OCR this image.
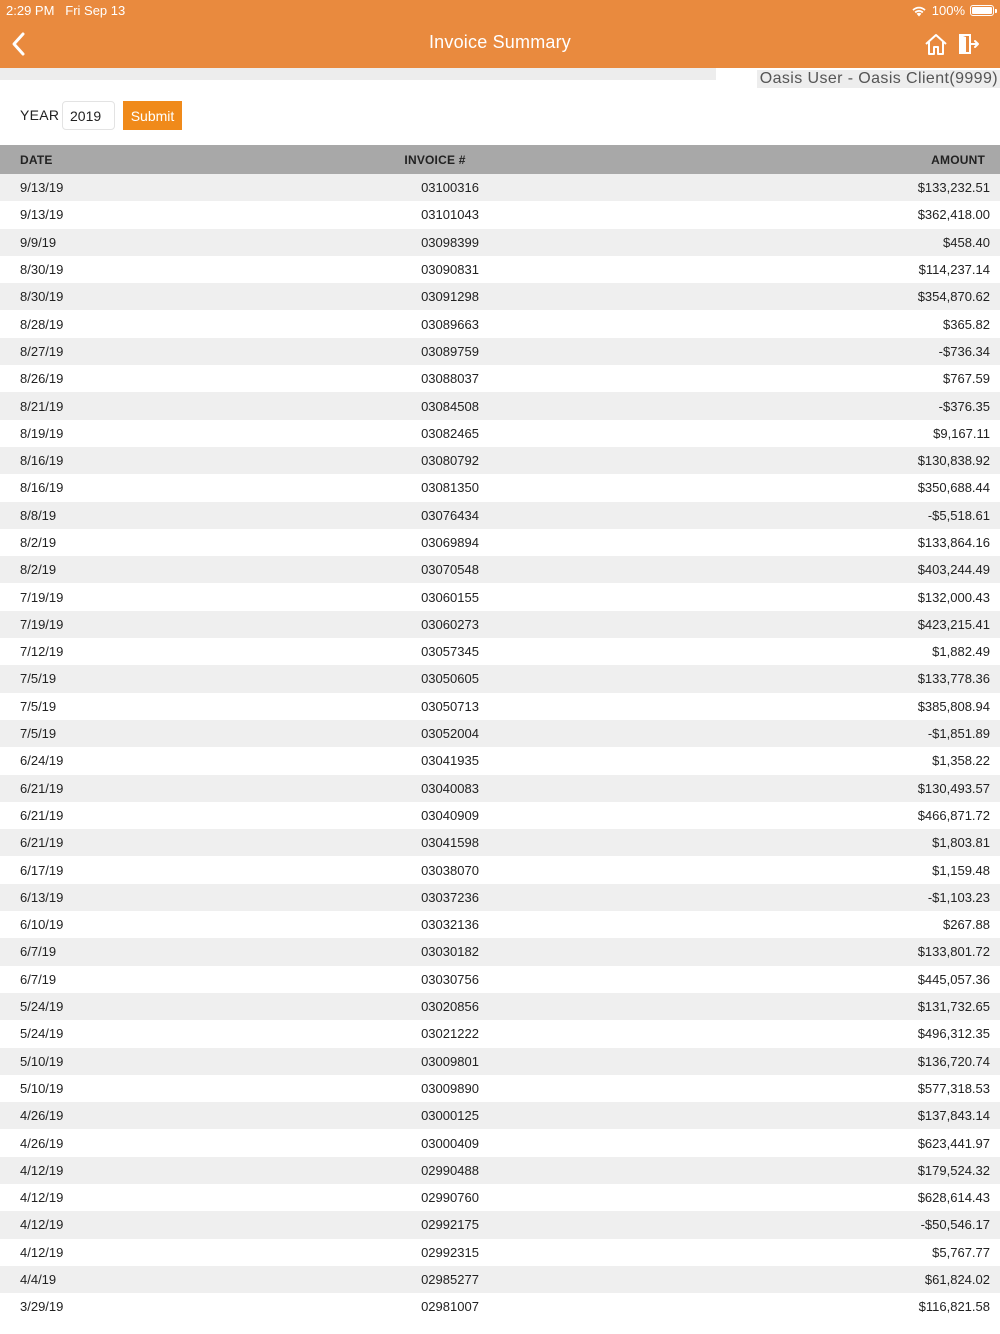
2:29 PM Fri Sep 13	100%
Invoice Summary
Oasis User - Oasis Client(9999)
YEAR
2019	Submit
DATE	INVOICE #	AMOUNT
9/13/19	03100316	$133,232.51
9/13/19	03101043	$362,418.00
9/9/19	03098399	$458.40
8/30/19	03090831	$114,237.14
8/30/19	03091298	$354,870.62
8/28/19	03089663	$365.82
8/27/19	03089759	-$736.34
8/26/19	03088037	$767.59
8/21/19	03084508	-$376.35
8/19/19	03082465	$9,167.11
8/16/19	03080792	$130,838.92
8/16/19	03081350	$350,688.44
8/8/19	03076434	-$5,518.61
8/2/19	03069894	$133,864.16
8/2/19	03070548	$403,244.49
7/19/19	03060155	$132,000.43
7/19/19	03060273	$423,215.41
7/12/19	03057345	$1,882.49
7/5/19	03050605	$133,778.36
7/5/19	03050713	$385,808.94
7/5/19	03052004	-$1,851.89
6/24/19	03041935	$1,358.22
6/21/19	03040083	$130,493.57
6/21/19	03040909	$466,871.72
6/21/19	03041598	$1,803.81
6/17/19	03038070	$1,159.48
6/13/19	03037236	-$1,103.23
6/10/19	03032136	$267.88
6/7/19	03030182	$133,801.72
6/7/19	03030756	$445,057.36
5/24/19	03020856	$131,732.65
5/24/19	03021222	$496,312.35
5/10/19	03009801	$136,720.74
5/10/19	03009890	$577,318.53
4/26/19	03000125	$137,843.14
4/26/19	03000409	$623,441.97
4/12/19	02990488	$179,524.32
4/12/19	02990760	$628,614.43
4/12/19	02992175	-$50,546.17
4/12/19	02992315	$5,767.77
4/4/19	02985277	$61,824.02
3/29/19	02981007	$116,821.58
